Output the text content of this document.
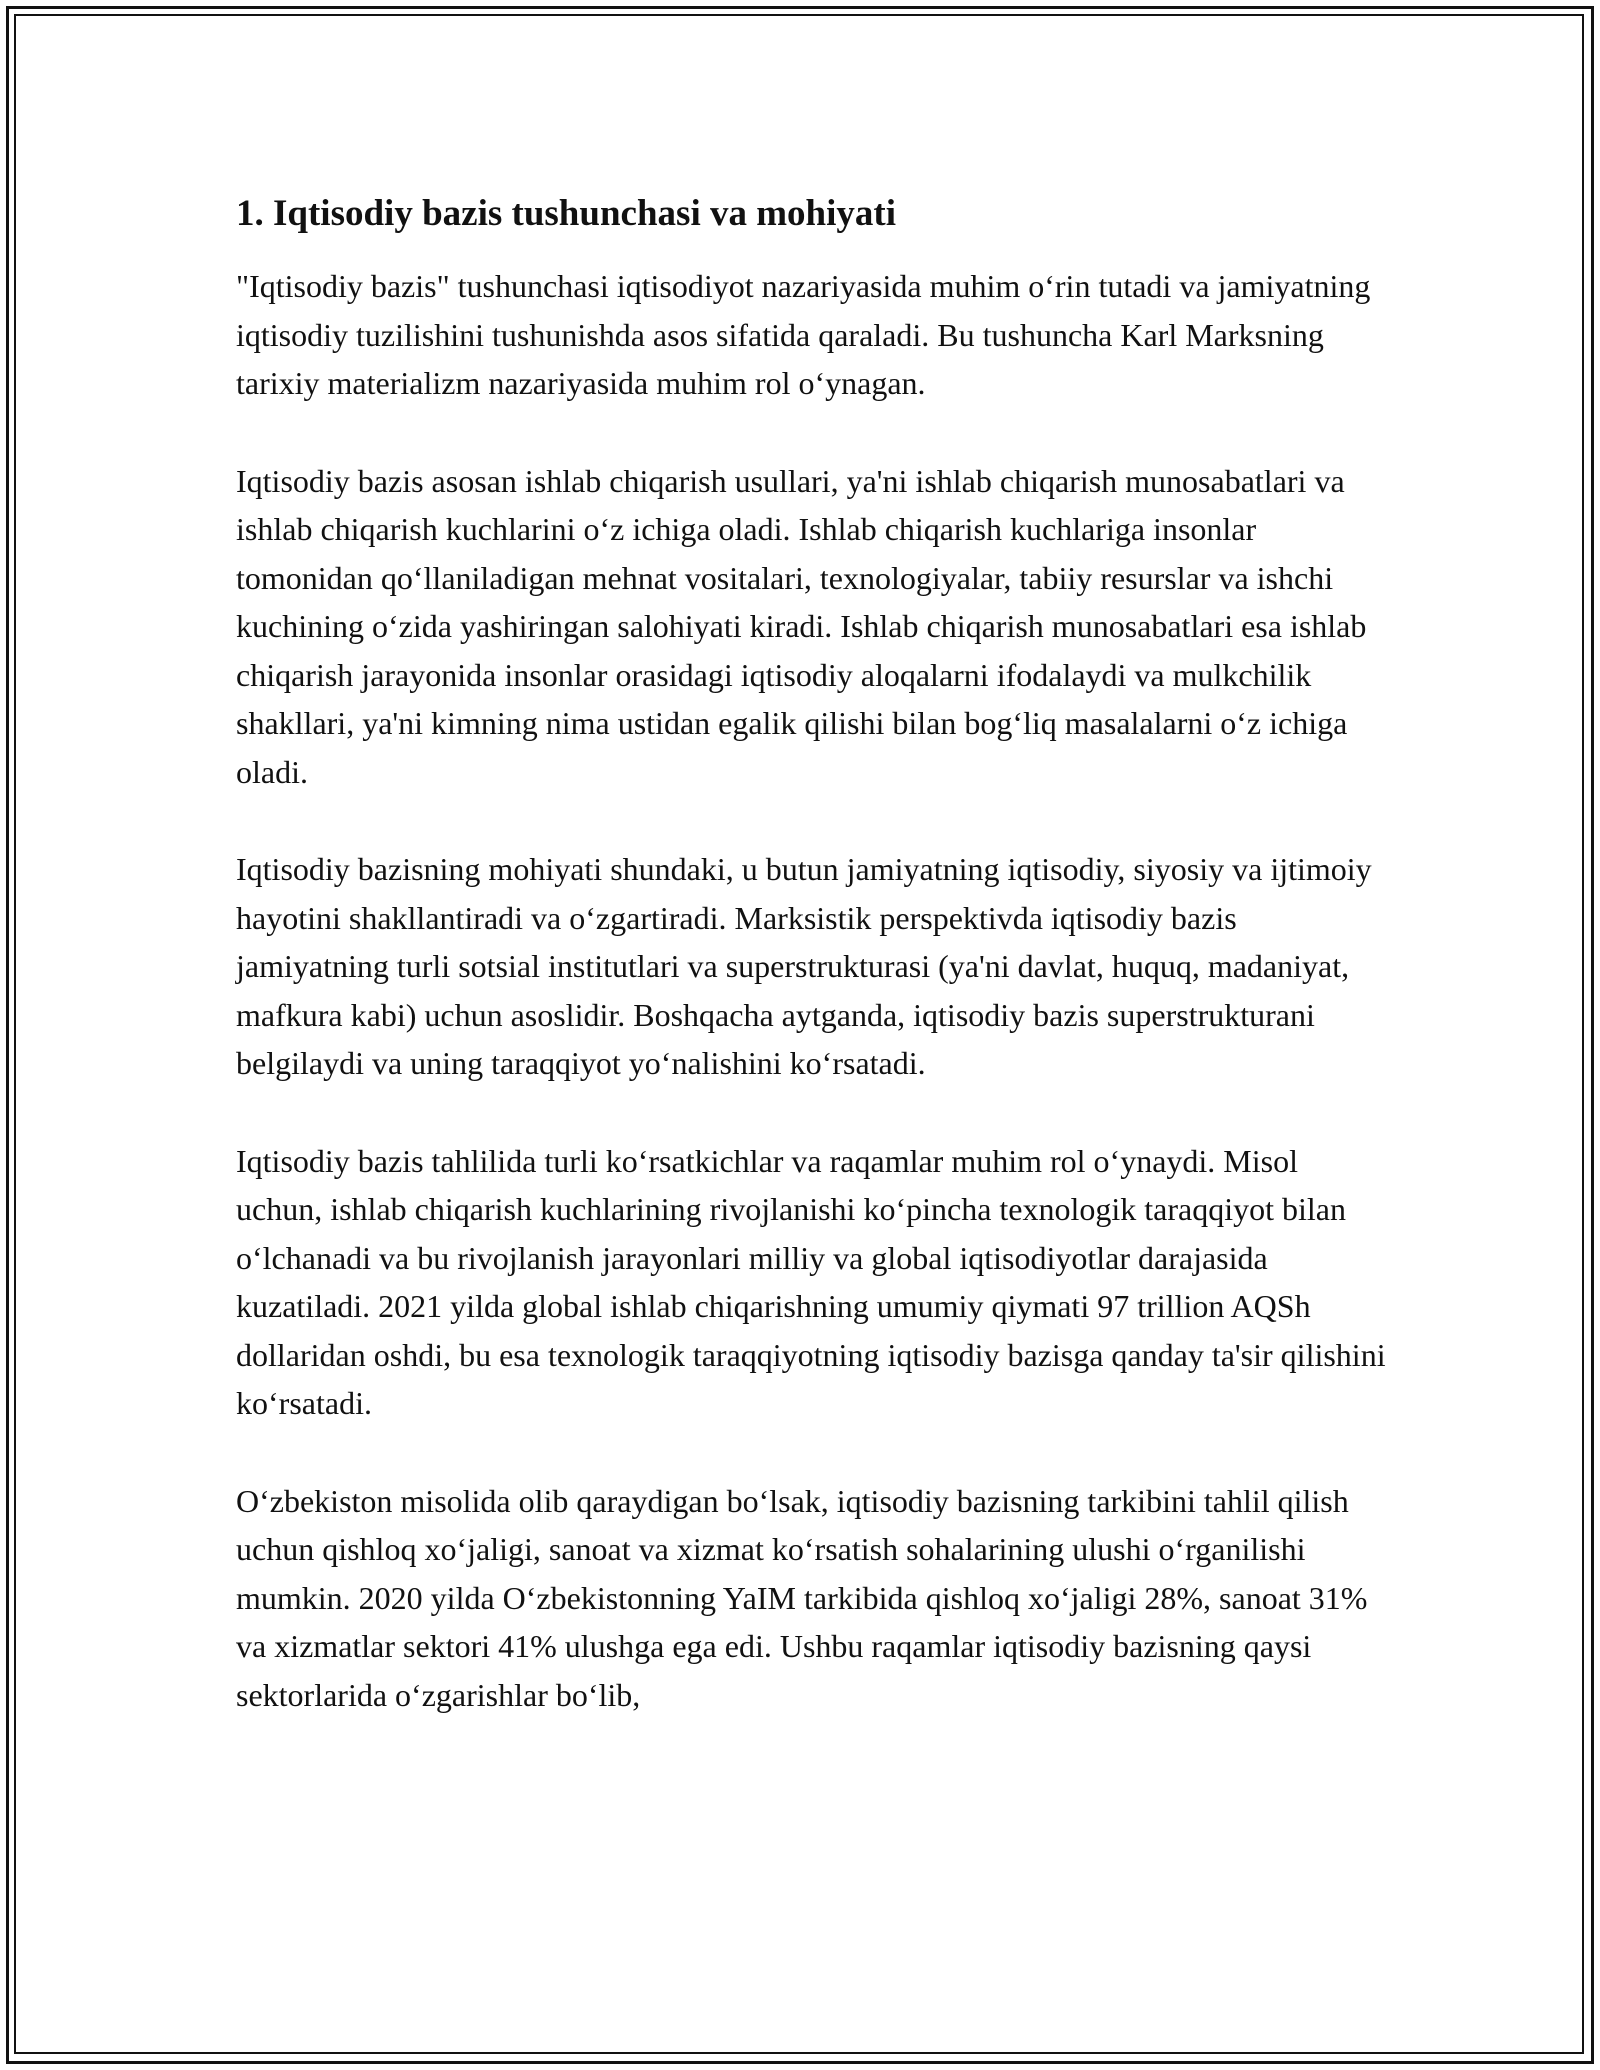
1. Iqtisodiy bazis tushunchasi va mohiyati

"Iqtisodiy bazis" tushunchasi iqtisodiyot nazariyasida muhim o‘rin tutadi va jamiyatning iqtisodiy tuzilishini tushunishda asos sifatida qaraladi. Bu tushuncha Karl Marksning tarixiy materializm nazariyasida muhim rol o‘ynagan.

Iqtisodiy bazis asosan ishlab chiqarish usullari, ya'ni ishlab chiqarish munosabatlari va ishlab chiqarish kuchlarini o‘z ichiga oladi. Ishlab chiqarish kuchlariga insonlar tomonidan qo‘llaniladigan mehnat vositalari, texnologiyalar, tabiiy resurslar va ishchi kuchining o‘zida yashiringan salohiyati kiradi. Ishlab chiqarish munosabatlari esa ishlab chiqarish jarayonida insonlar orasidagi iqtisodiy aloqalarni ifodalaydi va mulkchilik shakllari, ya'ni kimning nima ustidan egalik qilishi bilan bog‘liq masalalarni o‘z ichiga oladi.

Iqtisodiy bazisning mohiyati shundaki, u butun jamiyatning iqtisodiy, siyosiy va ijtimoiy hayotini shakllantiradi va o‘zgartiradi. Marksistik perspektivda iqtisodiy bazis jamiyatning turli sotsial institutlari va superstrukturasi (ya'ni davlat, huquq, madaniyat, mafkura kabi) uchun asoslidir. Boshqacha aytganda, iqtisodiy bazis superstrukturani belgilaydi va uning taraqqiyot yo‘nalishini ko‘rsatadi.

Iqtisodiy bazis tahlilida turli ko‘rsatkichlar va raqamlar muhim rol o‘ynaydi. Misol uchun, ishlab chiqarish kuchlarining rivojlanishi ko‘pincha texnologik taraqqiyot bilan o‘lchanadi va bu rivojlanish jarayonlari milliy va global iqtisodiyotlar darajasida kuzatiladi. 2021 yilda global ishlab chiqarishning umumiy qiymati 97 trillion AQSh dollaridan oshdi, bu esa texnologik taraqqiyotning iqtisodiy bazisga qanday ta'sir qilishini ko‘rsatadi.

O‘zbekiston misolida olib qaraydigan bo‘lsak, iqtisodiy bazisning tarkibini tahlil qilish uchun qishloq xo‘jaligi, sanoat va xizmat ko‘rsatish sohalarining ulushi o‘rganilishi mumkin. 2020 yilda O‘zbekistonning YaIM tarkibida qishloq xo‘jaligi 28%, sanoat 31% va xizmatlar sektori 41% ulushga ega edi. Ushbu raqamlar iqtisodiy bazisning qaysi sektorlarida o‘zgarishlar bo‘lib,
